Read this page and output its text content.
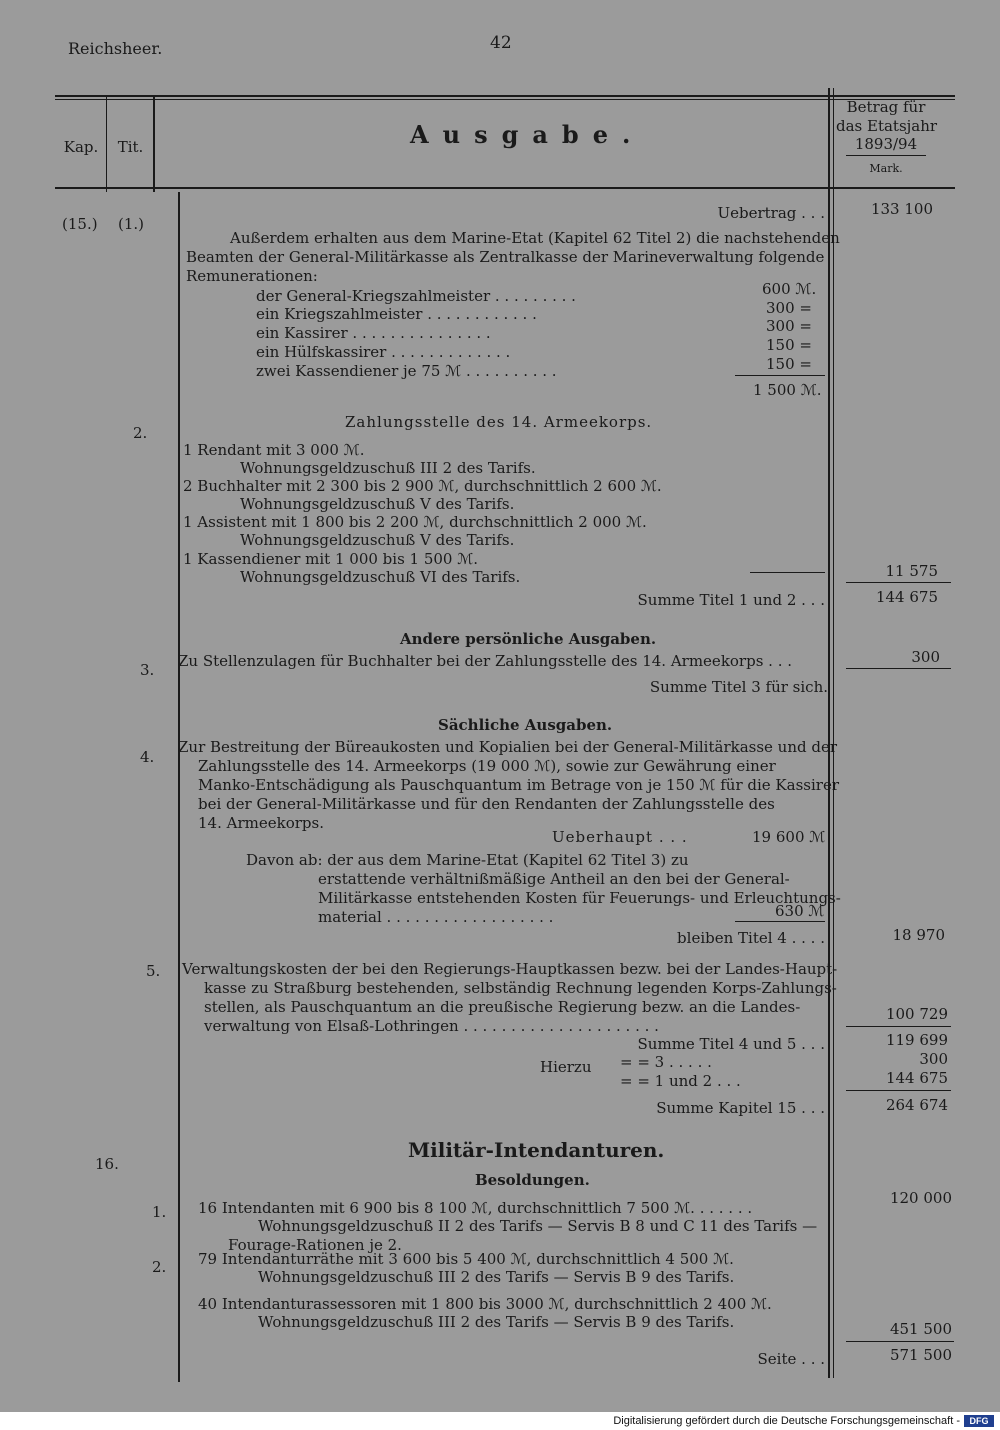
Reichsheer.	42
Kap.	Tit.	Ausgabe.
Betrag für
das Etatsjahr
1893/94
Mark.
(15.) (1.)
Uebertrag . . .	133 100
Außerdem erhalten aus dem Marine-Etat (Kapitel 62 Titel 2) die nachstehenden
Beamten der General-Militärkasse als Zentralkasse der Marineverwaltung folgende
Remunerationen:
der General-Kriegszahlmeister . . . . . . . . .	600 ℳ.
ein Kriegszahlmeister . . . . . . . . . . . .	300 =
ein Kassirer . . . . . . . . . . . . . . .	300 =
ein Hülfskassirer . . . . . . . . . . . . .	150 =
zwei Kassendiener je 75 ℳ . . . . . . . . . .	150 =
1 500 ℳ.
2.
Zahlungsstelle des 14. Armeekorps.
1 Rendant mit 3 000 ℳ.
Wohnungsgeldzuschuß III 2 des Tarifs.
2 Buchhalter mit 2 300 bis 2 900 ℳ, durchschnittlich 2 600 ℳ.
Wohnungsgeldzuschuß V des Tarifs.
1 Assistent mit 1 800 bis 2 200 ℳ, durchschnittlich 2 000 ℳ.
Wohnungsgeldzuschuß V des Tarifs.
1 Kassendiener mit 1 000 bis 1 500 ℳ.
Wohnungsgeldzuschuß VI des Tarifs.	11 575
Summe Titel 1 und 2 . . .	144 675
Andere persönliche Ausgaben.
3. Zu Stellenzulagen für Buchhalter bei der Zahlungsstelle des 14. Armeekorps . . .	300
Summe Titel 3 für sich.
Sächliche Ausgaben.
4.
Zur Bestreitung der Büreaukosten und Kopialien bei der General-Militärkasse und der
Zahlungsstelle des 14. Armeekorps (19 000 ℳ), sowie zur Gewährung einer
Manko-Entschädigung als Pauschquantum im Betrage von je 150 ℳ für die Kassirer
bei der General-Militärkasse und für den Rendanten der Zahlungsstelle des
14. Armeekorps.
Ueberhaupt . . .	19 600 ℳ
Davon ab: der aus dem Marine-Etat (Kapitel 62 Titel 3) zu
erstattende verhältnißmäßige Antheil an den bei der General-
Militärkasse entstehenden Kosten für Feuerungs- und Erleuchtungs-
material . . . . . . . . . . . . . . . . . .	630 ℳ
bleiben Titel 4 . . . .	18 970
5. Verwaltungskosten der bei den Regierungs-Hauptkassen bezw. bei der Landes-Haupt-
kasse zu Straßburg bestehenden, selbständig Rechnung legenden Korps-Zahlungs-
stellen, als Pauschquantum an die preußische Regierung bezw. an die Landes-
verwaltung von Elsaß-Lothringen . . . . . . . . . . . . . . . . . . . . .
100 729
Summe Titel 4 und 5 . . .	119 699
Hierzu = = 3 . . . . .	300
= = 1 und 2 . . .	144 675
Summe Kapitel 15 . . .	264 674
16.
Militär-Intendanturen.
Besoldungen.
1. 16 Intendanten mit 6 900 bis 8 100 ℳ, durchschnittlich 7 500 ℳ. . . . . . .
Wohnungsgeldzuschuß II 2 des Tarifs — Servis B 8 und C 11 des Tarifs —
Fourage-Rationen je 2.
120 000
2. 79 Intendanturräthe mit 3 600 bis 5 400 ℳ, durchschnittlich 4 500 ℳ.
Wohnungsgeldzuschuß III 2 des Tarifs — Servis B 9 des Tarifs.
40 Intendanturassessoren mit 1 800 bis 3000 ℳ, durchschnittlich 2 400 ℳ.
Wohnungsgeldzuschuß III 2 des Tarifs — Servis B 9 des Tarifs.	451 500
Seite . . .	571 500
Digitalisierung gefördert durch die Deutsche Forschungsgemeinschaft -	DFG
